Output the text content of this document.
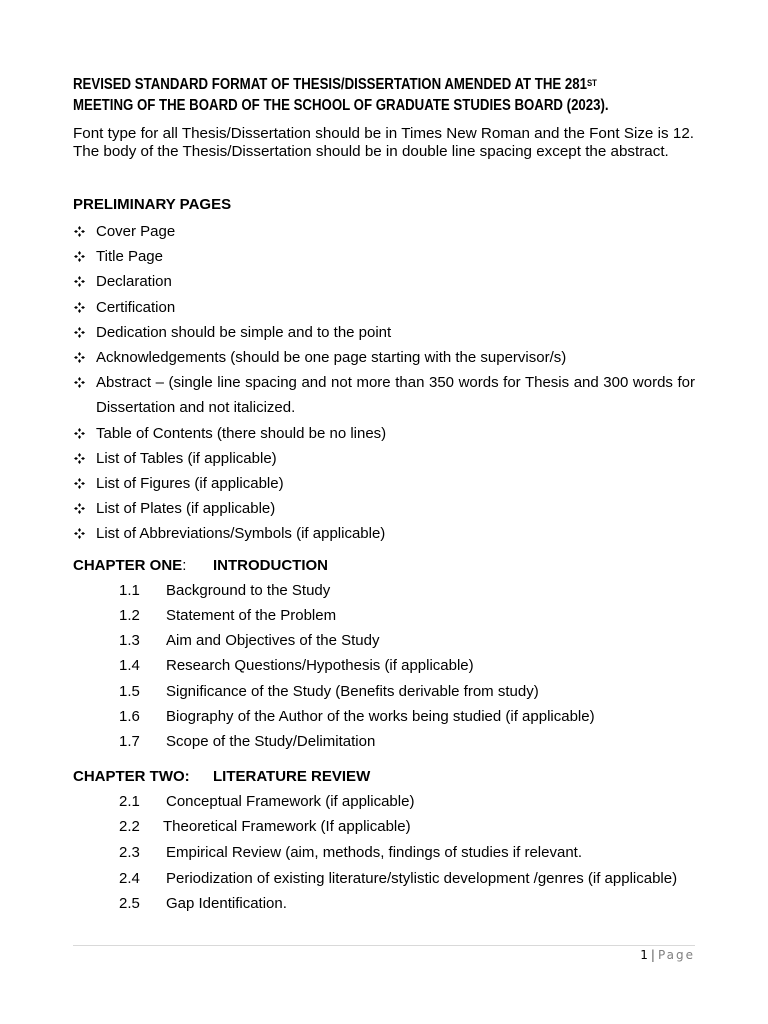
REVISED STANDARD FORMAT OF THESIS/DISSERTATION AMENDED AT THE 281ST
MEETING OF THE BOARD OF THE SCHOOL OF GRADUATE STUDIES BOARD (2023).
Font type for all Thesis/Dissertation should be in Times New Roman and the Font Size is 12. The body of the Thesis/Dissertation should be in double line spacing except the abstract.
PRELIMINARY PAGES
Cover Page
Title Page
Declaration
Certification
Dedication should be simple and to the point
Acknowledgements (should be one page starting with the supervisor/s)
Abstract – (single line spacing and not more than 350 words for Thesis and 300 words for Dissertation and not italicized.
Table of Contents (there should be no lines)
List of Tables (if applicable)
List of Figures (if applicable)
List of Plates (if applicable)
List of Abbreviations/Symbols (if applicable)
CHAPTER ONE: INTRODUCTION
1.1 Background to the Study
1.2 Statement of the Problem
1.3 Aim and Objectives of the Study
1.4 Research Questions/Hypothesis (if applicable)
1.5 Significance of the Study (Benefits derivable from study)
1.6 Biography of the Author of the works being studied (if applicable)
1.7 Scope of the Study/Delimitation
CHAPTER TWO: LITERATURE REVIEW
2.1 Conceptual Framework (if applicable)
2.2 Theoretical Framework (If applicable)
2.3 Empirical Review (aim, methods, findings of studies if relevant.
2.4 Periodization of existing literature/stylistic development /genres (if applicable)
2.5 Gap Identification.
1 | Page
